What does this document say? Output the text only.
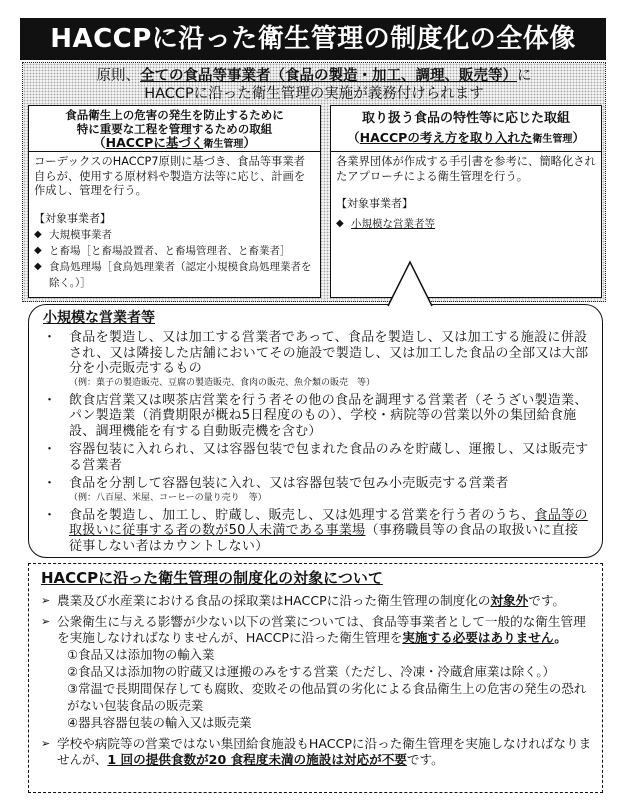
HACCPに沿った衛生管理の制度化の全体像
原則、全ての食品等事業者（食品の製造・加工、調理、販売等）に
HACCPに沿った衛生管理の実施が義務付けられます
食品衛生上の危害の発生を防止するために
特に重要な工程を管理するための取組
（HACCPに基づく衛生管理）
コーデックスのHACCP7原則に基づき、食品等事業者自らが、使用する原材料や製造方法等に応じ、計画を作成し、管理を行う。
【対象事業者】
◆ 大規模事業者
◆ と畜場［と畜場設置者、と畜場管理者、と畜業者］
◆ 食鳥処理場［食鳥処理業者（認定小規模食鳥処理業者を除く。）］
取り扱う食品の特性等に応じた取組
（HACCPの考え方を取り入れた衛生管理）
各業界団体が作成する手引書を参考に、簡略化されたアプローチによる衛生管理を行う。
【対象事業者】
◆ 小規模な営業者等
小規模な営業者等
・ 食品を製造し、又は加工する営業者であって、食品を製造し、又は加工する施設に併設され、又は隣接した店舗においてその施設で製造し、又は加工した食品の全部又は大部分を小売販売するもの
（例：菓子の製造販売、豆腐の製造販売、食肉の販売、魚介類の販売　等）
・ 飲食店営業又は喫茶店営業を行う者その他の食品を調理する営業者（そうざい製造業、パン製造業（消費期限が概ね5日程度のもの）、学校・病院等の営業以外の集団給食施設、調理機能を有する自動販売機を含む）
・ 容器包装に入れられ、又は容器包装で包まれた食品のみを貯蔵し、運搬し、又は販売する営業者
・ 食品を分割して容器包装に入れ、又は容器包装で包み小売販売する営業者
（例：八百屋、米屋、コーヒーの量り売り　等）
・ 食品を製造し、加工し、貯蔵し、販売し、又は処理する営業を行う者のうち、食品等の取扱いに従事する者の数が50人未満である事業場（事務職員等の食品の取扱いに直接従事しない者はカウントしない）
HACCPに沿った衛生管理の制度化の対象について
➢ 農業及び水産業における食品の採取業はHACCPに沿った衛生管理の制度化の対象外です。
➢ 公衆衛生に与える影響が少ない以下の営業については、食品等事業者として一般的な衛生管理を実施しなければなりませんが、HACCPに沿った衛生管理を実施する必要はありません。
①食品又は添加物の輸入業
②食品又は添加物の貯蔵又は運搬のみをする営業（ただし、冷凍・冷蔵倉庫業は除く。）
③常温で長期間保存しても腐敗、変敗その他品質の劣化による食品衛生上の危害の発生の恐れがない包装食品の販売業
④器具容器包装の輸入又は販売業
➢ 学校や病院等の営業ではない集団給食施設もHACCPに沿った衛生管理を実施しなければなりませんが、1 回の提供食数が20 食程度未満の施設は対応が不要です。
